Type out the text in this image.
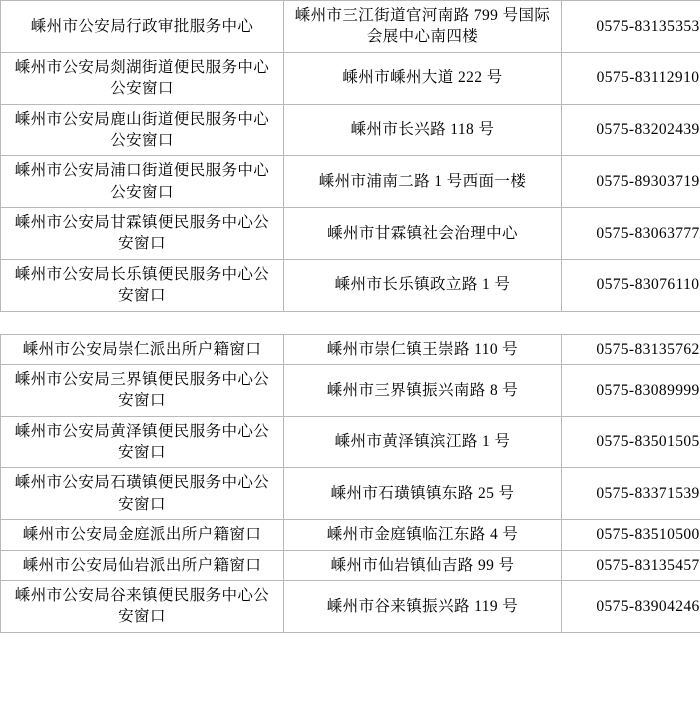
嵊州市公安局行政审批服务中心	嵊州市三江街道官河南路 799 号国际会展中心南四楼	0575-83135353
嵊州市公安局剡湖街道便民服务中心公安窗口	嵊州市嵊州大道 222 号	0575-83112910
嵊州市公安局鹿山街道便民服务中心公安窗口	嵊州市长兴路 118 号	0575-83202439
嵊州市公安局浦口街道便民服务中心公安窗口	嵊州市浦南二路 1 号西面一楼	0575-89303719
嵊州市公安局甘霖镇便民服务中心公安窗口	嵊州市甘霖镇社会治理中心	0575-83063777
嵊州市公安局长乐镇便民服务中心公安窗口	嵊州市长乐镇政立路 1 号	0575-83076110
嵊州市公安局崇仁派出所户籍窗口	嵊州市崇仁镇王崇路 110 号	0575-83135762
嵊州市公安局三界镇便民服务中心公安窗口	嵊州市三界镇振兴南路 8 号	0575-83089999
嵊州市公安局黄泽镇便民服务中心公安窗口	嵊州市黄泽镇滨江路 1 号	0575-83501505
嵊州市公安局石璜镇便民服务中心公安窗口	嵊州市石璜镇镇东路 25 号	0575-83371539
嵊州市公安局金庭派出所户籍窗口	嵊州市金庭镇临江东路 4 号	0575-83510500
嵊州市公安局仙岩派出所户籍窗口	嵊州市仙岩镇仙吉路 99 号	0575-83135457
嵊州市公安局谷来镇便民服务中心公安窗口	嵊州市谷来镇振兴路 119 号	0575-83904246
